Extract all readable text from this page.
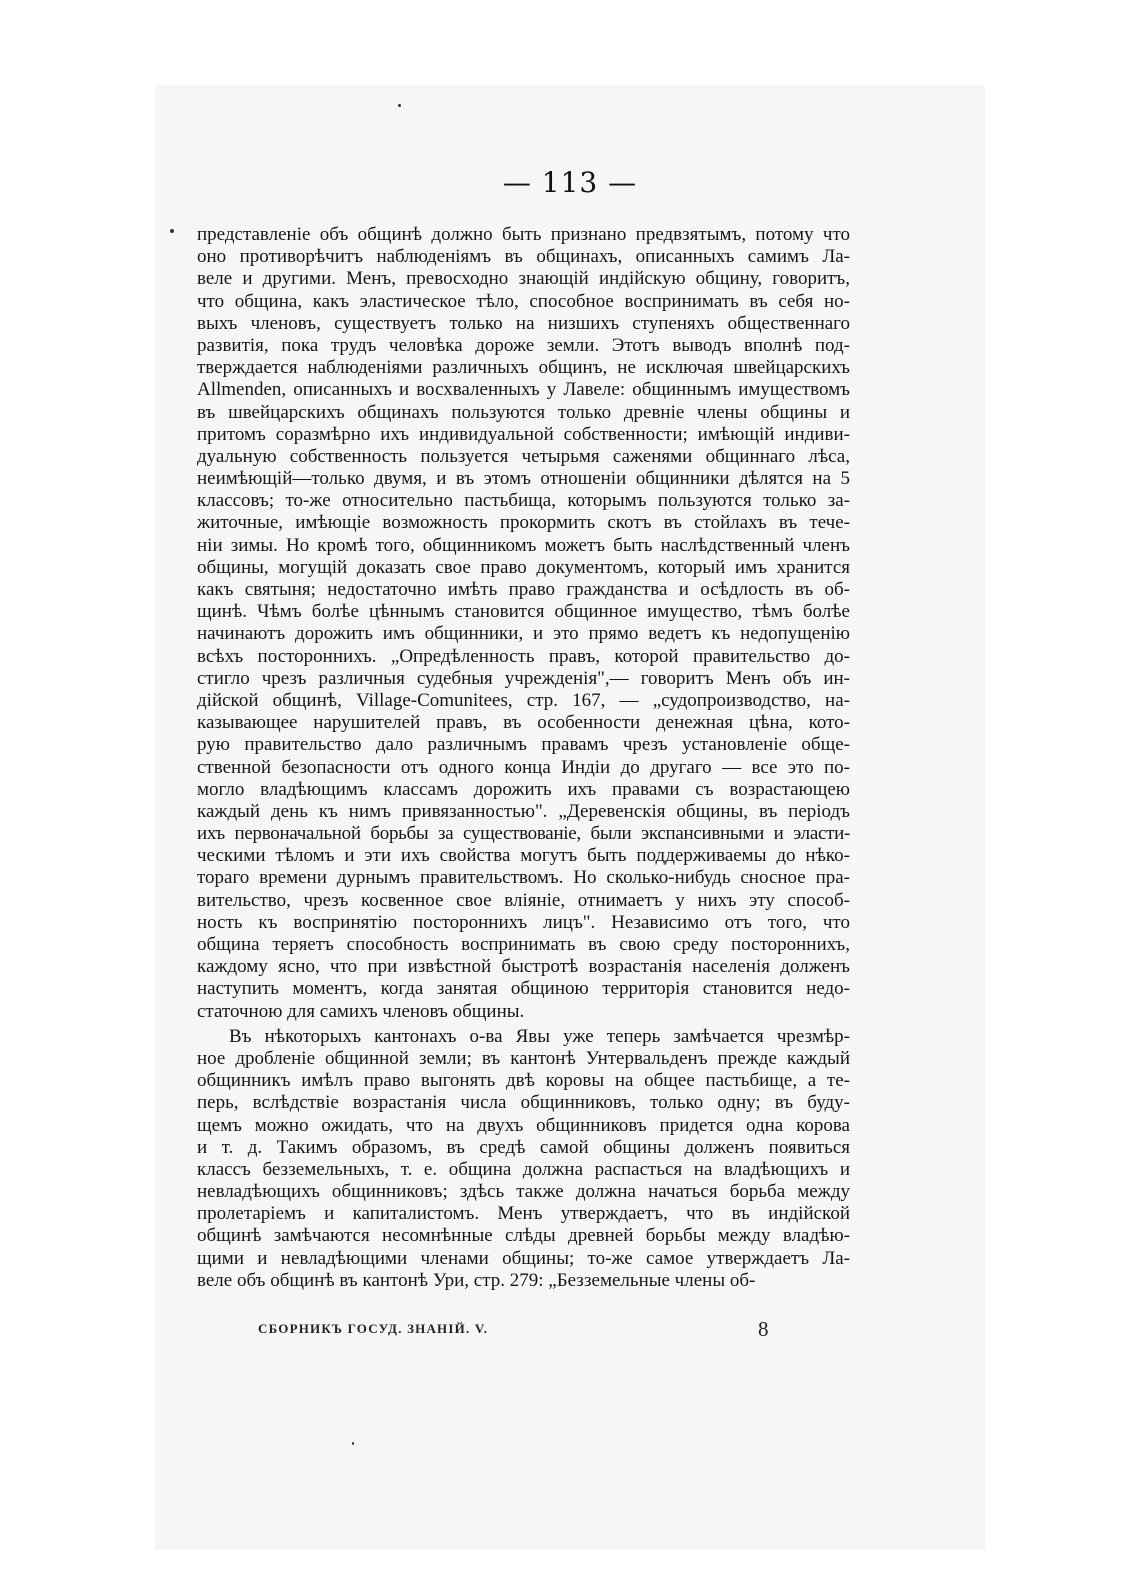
— 113 —
представленіе объ общинѣ должно быть признано предвзятымъ, потому что
оно противорѣчитъ наблюденіямъ въ общинахъ, описанныхъ самимъ Ла-
веле и другими. Менъ, превосходно знающій индійскую общину, говоритъ,
что община, какъ эластическое тѣло, способное воспринимать въ себя но-
выхъ членовъ, существуетъ только на низшихъ ступеняхъ общественнаго
развитія, пока трудъ человѣка дороже земли. Этотъ выводъ вполнѣ под-
тверждается наблюденіями различныхъ общинъ, не исключая швейцарскихъ
Allmenden, описанныхъ и восхваленныхъ у Лавеле: общиннымъ имуществомъ
въ швейцарскихъ общинахъ пользуются только древніе члены общины и
притомъ соразмѣрно ихъ индивидуальной собственности; имѣющій индиви-
дуальную собственность пользуется четырьмя саженями общиннаго лѣса,
неимѣющій—только двумя, и въ этомъ отношеніи общинники дѣлятся на 5
классовъ; то-же относительно пастьбища, которымъ пользуются только за-
житочные, имѣющіе возможность прокормить скотъ въ стойлахъ въ тече-
ніи зимы. Но кромѣ того, общинникомъ можетъ быть наслѣдственный членъ
общины, могущій доказать свое право документомъ, который имъ хранится
какъ святыня; недостаточно имѣть право гражданства и осѣдлость въ об-
щинѣ. Чѣмъ болѣе цѣннымъ становится общинное имущество, тѣмъ болѣе
начинаютъ дорожить имъ общинники, и это прямо ведетъ къ недопущенію
всѣхъ постороннихъ. „Опредѣленность правъ, которой правительство до-
стигло чрезъ различныя судебныя учрежденія",— говоритъ Менъ объ ин-
дійской общинѣ, Village-Comunitees, стр. 167, — „судопроизводство, на-
казывающее нарушителей правъ, въ особенности денежная цѣна, кото-
рую правительство дало различнымъ правамъ чрезъ установленіе обще-
ственной безопасности отъ одного конца Индіи до другаго — все это по-
могло владѣющимъ классамъ дорожить ихъ правами съ возрастающею
каждый день къ нимъ привязанностью". „Деревенскія общины, въ періодъ
ихъ первоначальной борьбы за существованіе, были экспансивными и эласти-
ческими тѣломъ и эти ихъ свойства могутъ быть поддерживаемы до нѣко-
тораго времени дурнымъ правительствомъ. Но сколько-нибудь сносное пра-
вительство, чрезъ косвенное свое вліяніе, отнимаетъ у нихъ эту способ-
ность къ воспринятію постороннихъ лицъ". Независимо отъ того, что
община теряетъ способность воспринимать въ свою среду постороннихъ,
каждому ясно, что при извѣстной быстротѣ возрастанія населенія долженъ
наступить моментъ, когда занятая общиною территорія становится недо-
статочною для самихъ членовъ общины.
Въ нѣкоторыхъ кантонахъ о-ва Явы уже теперь замѣчается чрезмѣр-
ное дробленіе общинной земли; въ кантонѣ Унтервальденъ прежде каждый
общинникъ имѣлъ право выгонять двѣ коровы на общее пастьбище, а те-
перь, вслѣдствіе возрастанія числа общинниковъ, только одну; въ буду-
щемъ можно ожидать, что на двухъ общинниковъ придется одна корова
и т. д. Такимъ образомъ, въ средѣ самой общины долженъ появиться
классъ безземельныхъ, т. е. община должна распасться на владѣющихъ и
невладѣющихъ общинниковъ; здѣсь также должна начаться борьба между
пролетаріемъ и капиталистомъ. Менъ утверждаетъ, что въ индійской
общинѣ замѣчаются несомнѣнные слѣды древней борьбы между владѣю-
щими и невладѣющими членами общины; то-же самое утверждаетъ Ла-
веле объ общинѣ въ кантонѣ Ури, стр. 279: „Безземельные члены об-
СБОРНИКЪ ГОСУД. ЗНАНІЙ. V.	8
